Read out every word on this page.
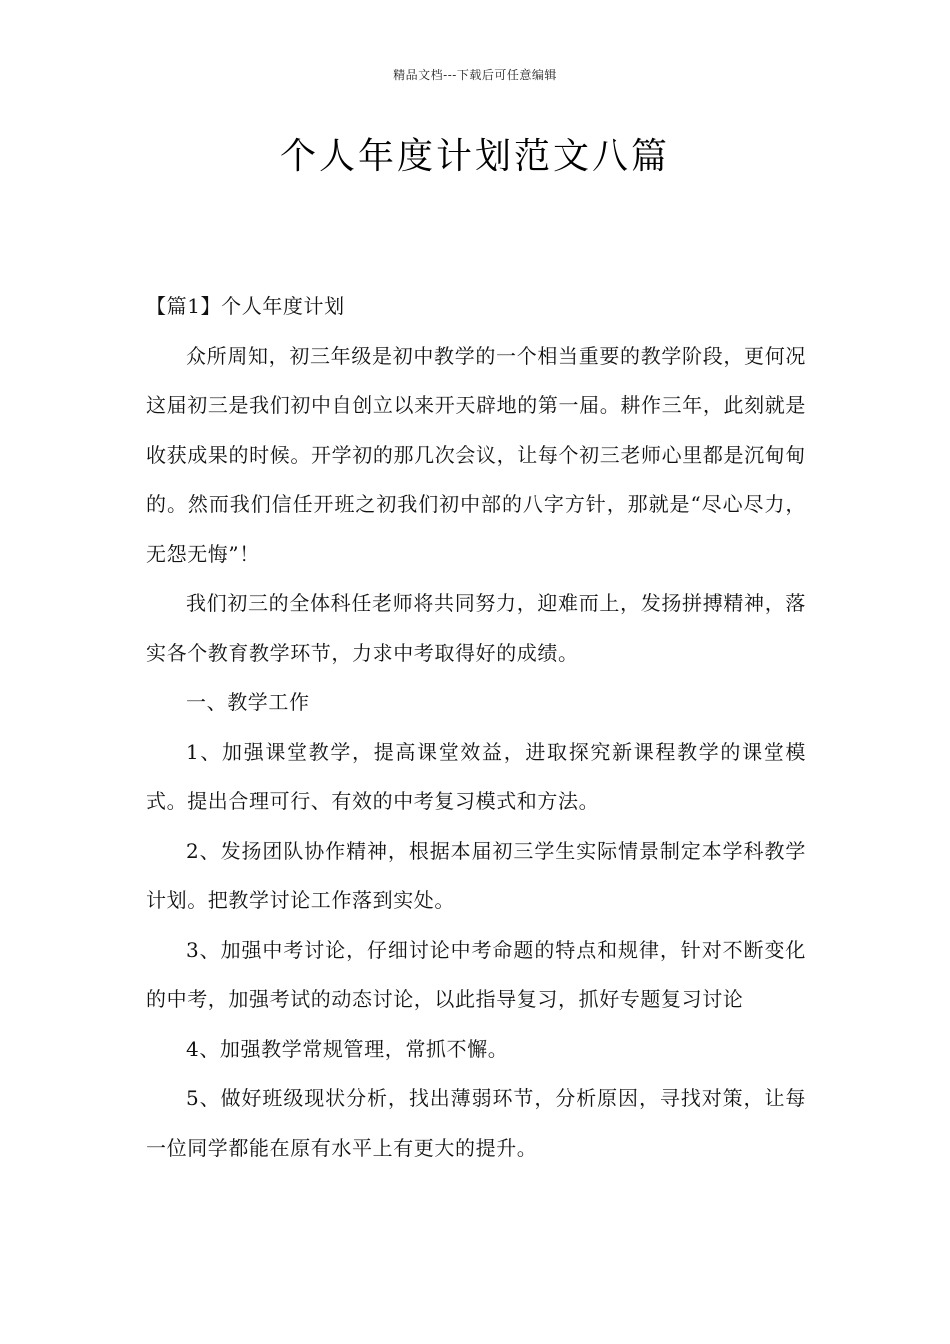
精品文档---下载后可任意编辑
个人年度计划范文八篇

【篇1】个人年度计划

众所周知，初三年级是初中教学的一个相当重要的教学阶段，更何况这届初三是我们初中自创立以来开天辟地的第一届。耕作三年，此刻就是收获成果的时候。开学初的那几次会议，让每个初三老师心里都是沉甸甸的。然而我们信任开班之初我们初中部的八字方针，那就是“尽心尽力，无怨无悔”！

我们初三的全体科任老师将共同努力，迎难而上，发扬拼搏精神，落实各个教育教学环节，力求中考取得好的成绩。

一、教学工作

1、加强课堂教学，提高课堂效益，进取探究新课程教学的课堂模式。提出合理可行、有效的中考复习模式和方法。

2、发扬团队协作精神，根据本届初三学生实际情景制定本学科教学计划。把教学讨论工作落到实处。

3、加强中考讨论，仔细讨论中考命题的特点和规律，针对不断变化的中考，加强考试的动态讨论，以此指导复习，抓好专题复习讨论

4、加强教学常规管理，常抓不懈。

5、做好班级现状分析，找出薄弱环节，分析原因，寻找对策，让每一位同学都能在原有水平上有更大的提升。
